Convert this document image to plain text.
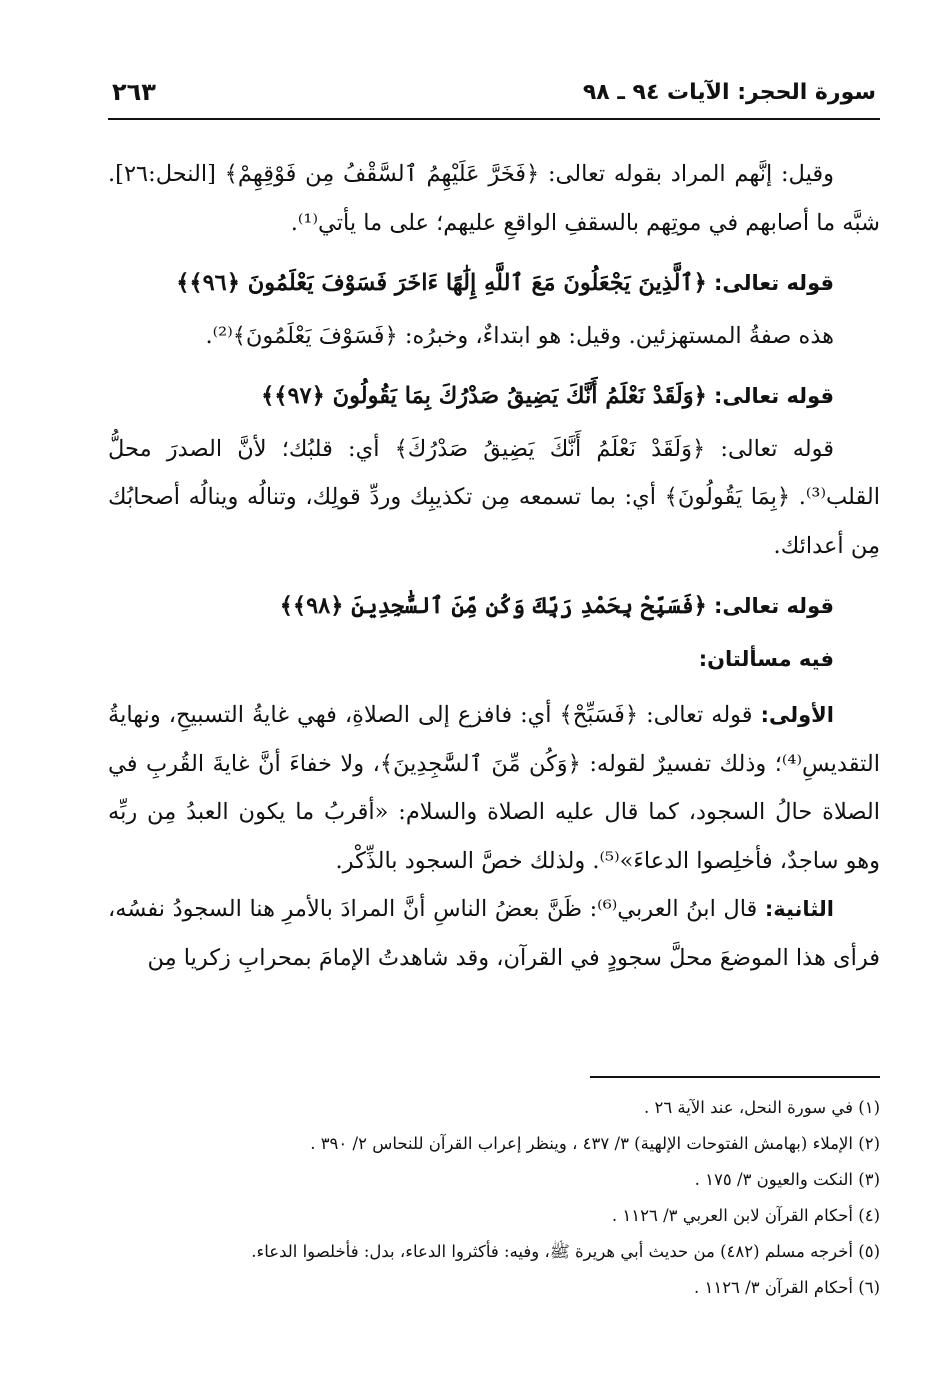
سورة الحجر: الآيات ٩٤ ـ ٩٨
٢٦٣

وقيل: إنَّهم المراد بقوله تعالى: ﴿فَخَرَّ عَلَيْهِمُ ٱلسَّقْفُ مِن فَوْقِهِمْ﴾ [النحل:٢٦]. شبَّه ما أصابهم في موتِهم بالسقفِ الواقعِ عليهم؛ على ما يأتي⁽¹⁾.

قوله تعالى: ﴿ٱلَّذِينَ يَجْعَلُونَ مَعَ ٱللَّهِ إِلَٰهًا ءَاخَرَ فَسَوْفَ يَعْلَمُونَ ﴿٩٦﴾﴾

هذه صفةُ المستهزئين. وقيل: هو ابتداءٌ، وخبرُه: ﴿فَسَوْفَ يَعْلَمُونَ﴾⁽²⁾.

قوله تعالى: ﴿وَلَقَدْ نَعْلَمُ أَنَّكَ يَضِيقُ صَدْرُكَ بِمَا يَقُولُونَ ﴿٩٧﴾﴾

قوله تعالى: ﴿وَلَقَدْ نَعْلَمُ أَنَّكَ يَضِيقُ صَدْرُكَ﴾ أي: قلبُك؛ لأنَّ الصدرَ محلُّ القلب⁽³⁾. ﴿بِمَا يَقُولُونَ﴾ أي: بما تسمعه مِن تكذيبِك وردِّ قولِك، وتنالُه وينالُه أصحابُك مِن أعدائك.

قوله تعالى: ﴿فَسَبِّحْ بِحَمْدِ رَبِّكَ وَكُن مِّنَ ٱلسَّٰجِدِينَ ﴿٩٨﴾﴾

فيه مسألتان:

الأولى: قوله تعالى: ﴿فَسَبِّحْ﴾ أي: فافزع إلى الصلاةِ، فهي غايةُ التسبيحِ، ونهايةُ التقديسِ⁽⁴⁾؛ وذلك تفسيرٌ لقوله: ﴿وَكُن مِّنَ ٱلسَّٰجِدِينَ﴾، ولا خفاءَ أنَّ غايةَ القُربِ في الصلاة حالُ السجود، كما قال عليه الصلاة والسلام: «أقربُ ما يكون العبدُ مِن ربِّه وهو ساجدٌ، فأخلِصوا الدعاءَ»⁽⁵⁾. ولذلك خصَّ السجود بالذِّكْر.

الثانية: قال ابنُ العربي⁽⁶⁾: ظَنَّ بعضُ الناسِ أنَّ المرادَ بالأمرِ هنا السجودُ نفسُه، فرأى هذا الموضعَ محلَّ سجودٍ في القرآن، وقد شاهدتُ الإمامَ بمحرابِ زكريا مِن

(١) في سورة النحل، عند الآية ٢٦ .
(٢) الإملاء (بهامش الفتوحات الإلهية) ٣/ ٤٣٧ ، وينظر إعراب القرآن للنحاس ٢/ ٣٩٠ .
(٣) النكت والعيون ٣/ ١٧٥ .
(٤) أحكام القرآن لابن العربي ٣/ ١١٢٦ .
(٥) أخرجه مسلم (٤٨٢) من حديث أبي هريرة ﷺ، وفيه: فأكثروا الدعاء، بدل: فأخلصوا الدعاء.
(٦) أحكام القرآن ٣/ ١١٢٦ .
